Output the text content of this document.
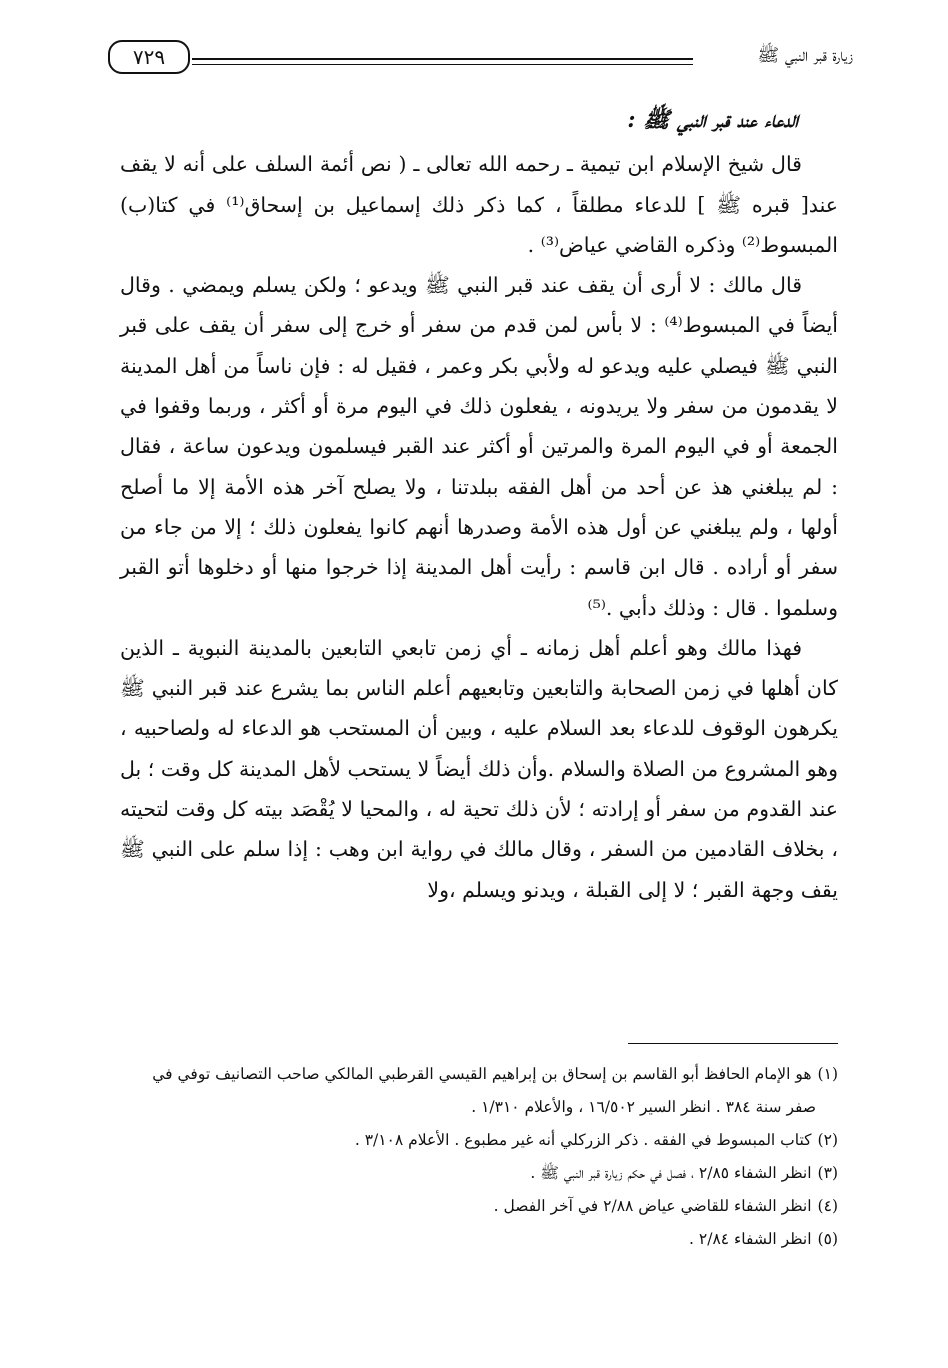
٧٢٩	زيارة قبر النبي ﷺ
الدعاء عند قبر النبي ﷺ :

قال شيخ الإسلام ابن تيمية ـ رحمه الله تعالى ـ ( نص أئمة السلف على أنه لا يقف عند[ قبره ﷺ ] للدعاء مطلقاً ، كما ذكر ذلك إسماعيل بن إسحاق⁽¹⁾ في كتا(ب) المبسوط⁽²⁾ وذكره القاضي عياض⁽³⁾ .

قال مالك : لا أرى أن يقف عند قبر النبي ﷺ ويدعو ؛ ولكن يسلم ويمضي . وقال أيضاً في المبسوط⁽⁴⁾ : لا بأس لمن قدم من سفر أو خرج إلى سفر أن يقف على قبر النبي ﷺ فيصلي عليه ويدعو له ولأبي بكر وعمر ، فقيل له : فإن ناساً من أهل المدينة لا يقدمون من سفر ولا يريدونه ، يفعلون ذلك في اليوم مرة أو أكثر ، وربما وقفوا في الجمعة أو في اليوم المرة والمرتين أو أكثر عند القبر فيسلمون ويدعون ساعة ، فقال : لم يبلغني هذ عن أحد من أهل الفقه ببلدتنا ، ولا يصلح آخر هذه الأمة إلا ما أصلح أولها ، ولم يبلغني عن أول هذه الأمة وصدرها أنهم كانوا يفعلون ذلك ؛ إلا من جاء من سفر أو أراده . قال ابن قاسم : رأيت أهل المدينة إذا خرجوا منها أو دخلوها أتو القبر وسلموا . قال : وذلك دأبي .⁽⁵⁾

فهذا مالك وهو أعلم أهل زمانه ـ أي زمن تابعي التابعين بالمدينة النبوية ـ الذين كان أهلها في زمن الصحابة والتابعين وتابعيهم أعلم الناس بما يشرع عند قبر النبي ﷺ يكرهون الوقوف للدعاء بعد السلام عليه ، وبين أن المستحب هو الدعاء له ولصاحبيه ، وهو المشروع من الصلاة والسلام .وأن ذلك أيضاً لا يستحب لأهل المدينة كل وقت ؛ بل عند القدوم من سفر أو إرادته ؛ لأن ذلك تحية له ، والمحيا لا يُقْصَد بيته كل وقت لتحيته ، بخلاف القادمين من السفر ، وقال مالك في رواية ابن وهب : إذا سلم على النبي ﷺ يقف وجهة القبر ؛ لا إلى القبلة ، ويدنو ويسلم ،ولا

(١)هو الإمام الحافظ أبو القاسم بن إسحاق بن إبراهيم القيسي القرطبي المالكي صاحب التصانيف توفي في

صفر سنة ٣٨٤ . انظر السير ١٦/٥٠٢ ، والأعلام ١/٣١٠ .

(٢)كتاب المبسوط في الفقه . ذكر الزركلي أنه غير مطبوع . الأعلام ٣/١٠٨ .

(٣)انظر الشفاء ٢/٨٥ ، فصل في حكم زيارة قبر النبي ﷺ .

(٤)انظر الشفاء للقاضي عياض ٢/٨٨ في آخر الفصل .

(٥)انظر الشفاء ٢/٨٤ .
